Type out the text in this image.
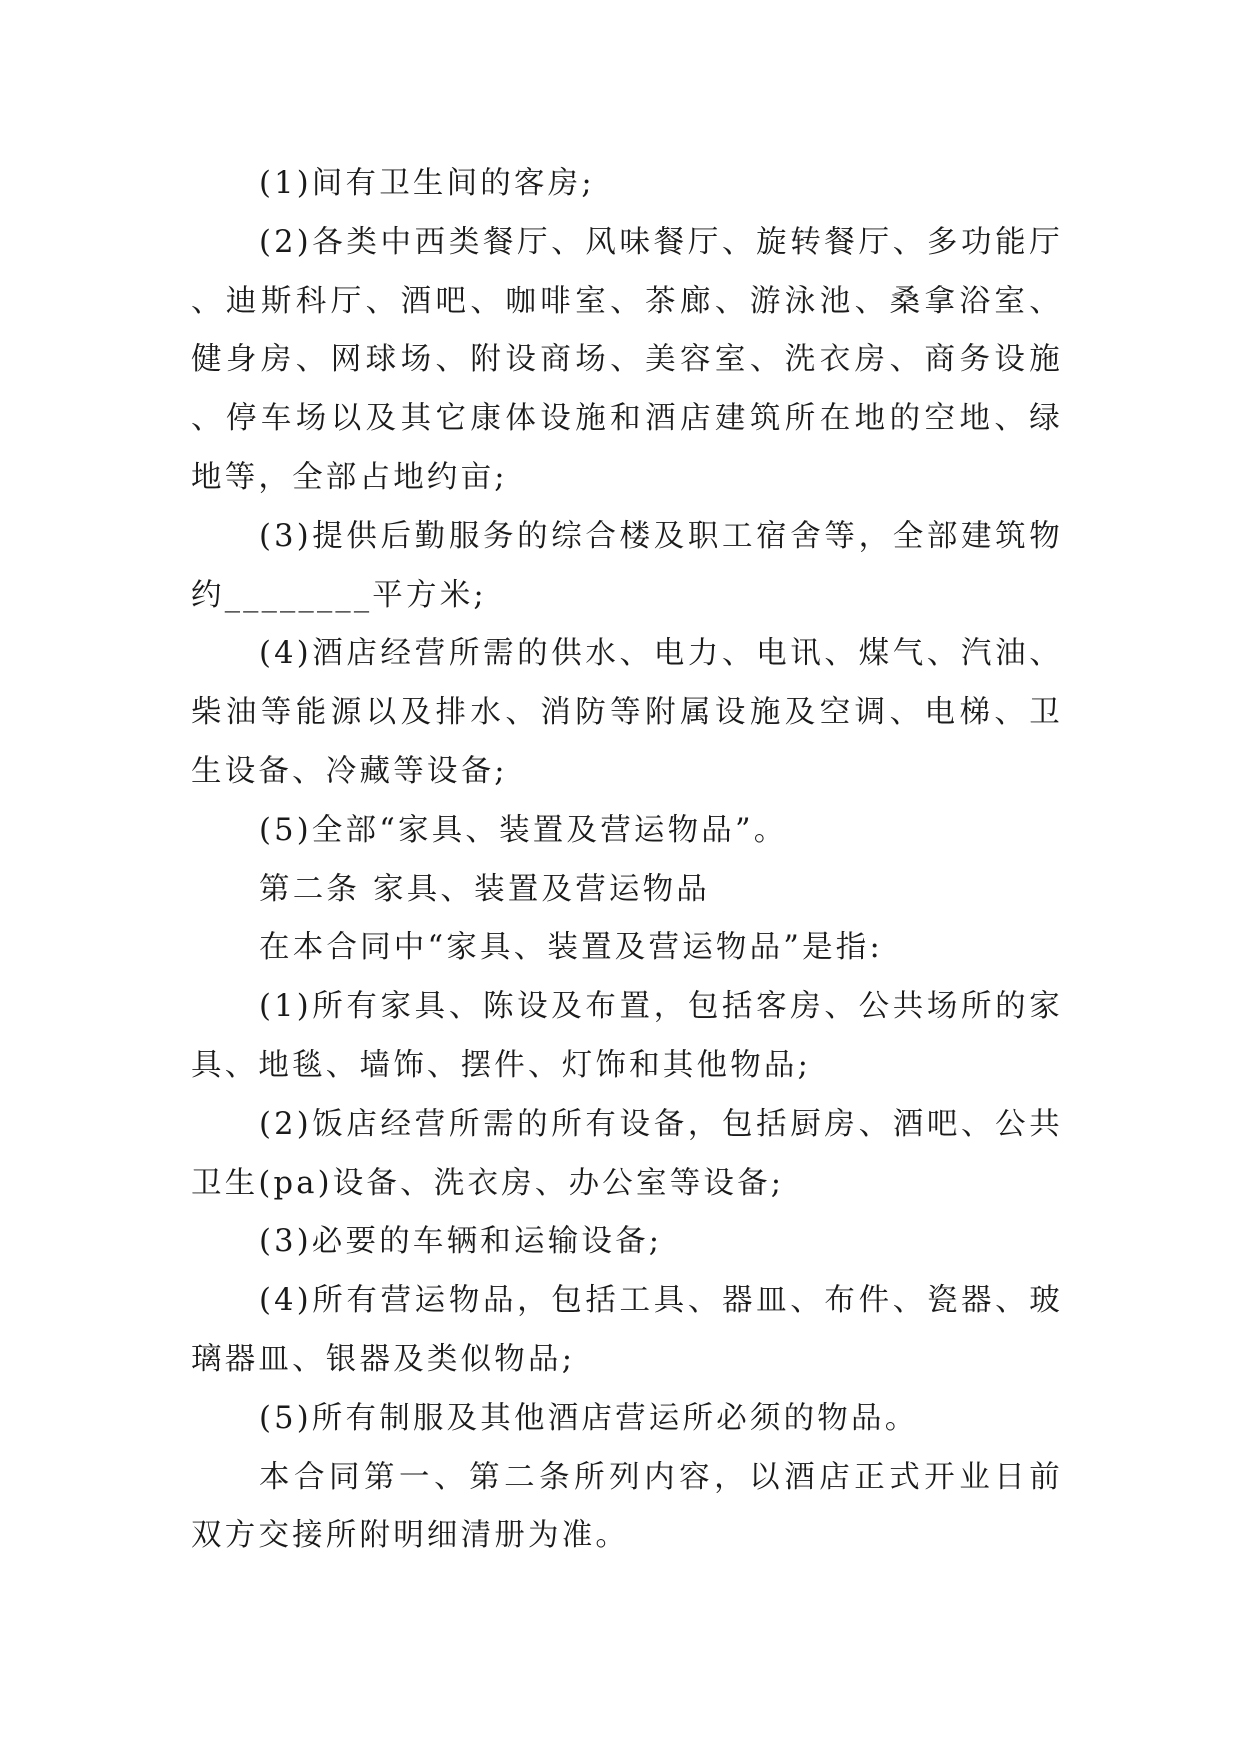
(1)间有卫生间的客房;

(2)各类中西类餐厅、风味餐厅、旋转餐厅、多功能厅、迪斯科厅、酒吧、咖啡室、茶廊、游泳池、桑拿浴室、健身房、网球场、附设商场、美容室、洗衣房、商务设施、停车场以及其它康体设施和酒店建筑所在地的空地、绿地等，全部占地约亩;

(3)提供后勤服务的综合楼及职工宿舍等，全部建筑物约________平方米;

(4)酒店经营所需的供水、电力、电讯、煤气、汽油、柴油等能源以及排水、消防等附属设施及空调、电梯、卫生设备、冷藏等设备;

(5)全部“家具、装置及营运物品”。

第二条 家具、装置及营运物品

在本合同中“家具、装置及营运物品”是指:

(1)所有家具、陈设及布置，包括客房、公共场所的家具、地毯、墙饰、摆件、灯饰和其他物品;

(2)饭店经营所需的所有设备，包括厨房、酒吧、公共卫生(pa)设备、洗衣房、办公室等设备;

(3)必要的车辆和运输设备;

(4)所有营运物品，包括工具、器皿、布件、瓷器、玻璃器皿、银器及类似物品;

(5)所有制服及其他酒店营运所必须的物品。

本合同第一、第二条所列内容，以酒店正式开业日前双方交接所附明细清册为准。
